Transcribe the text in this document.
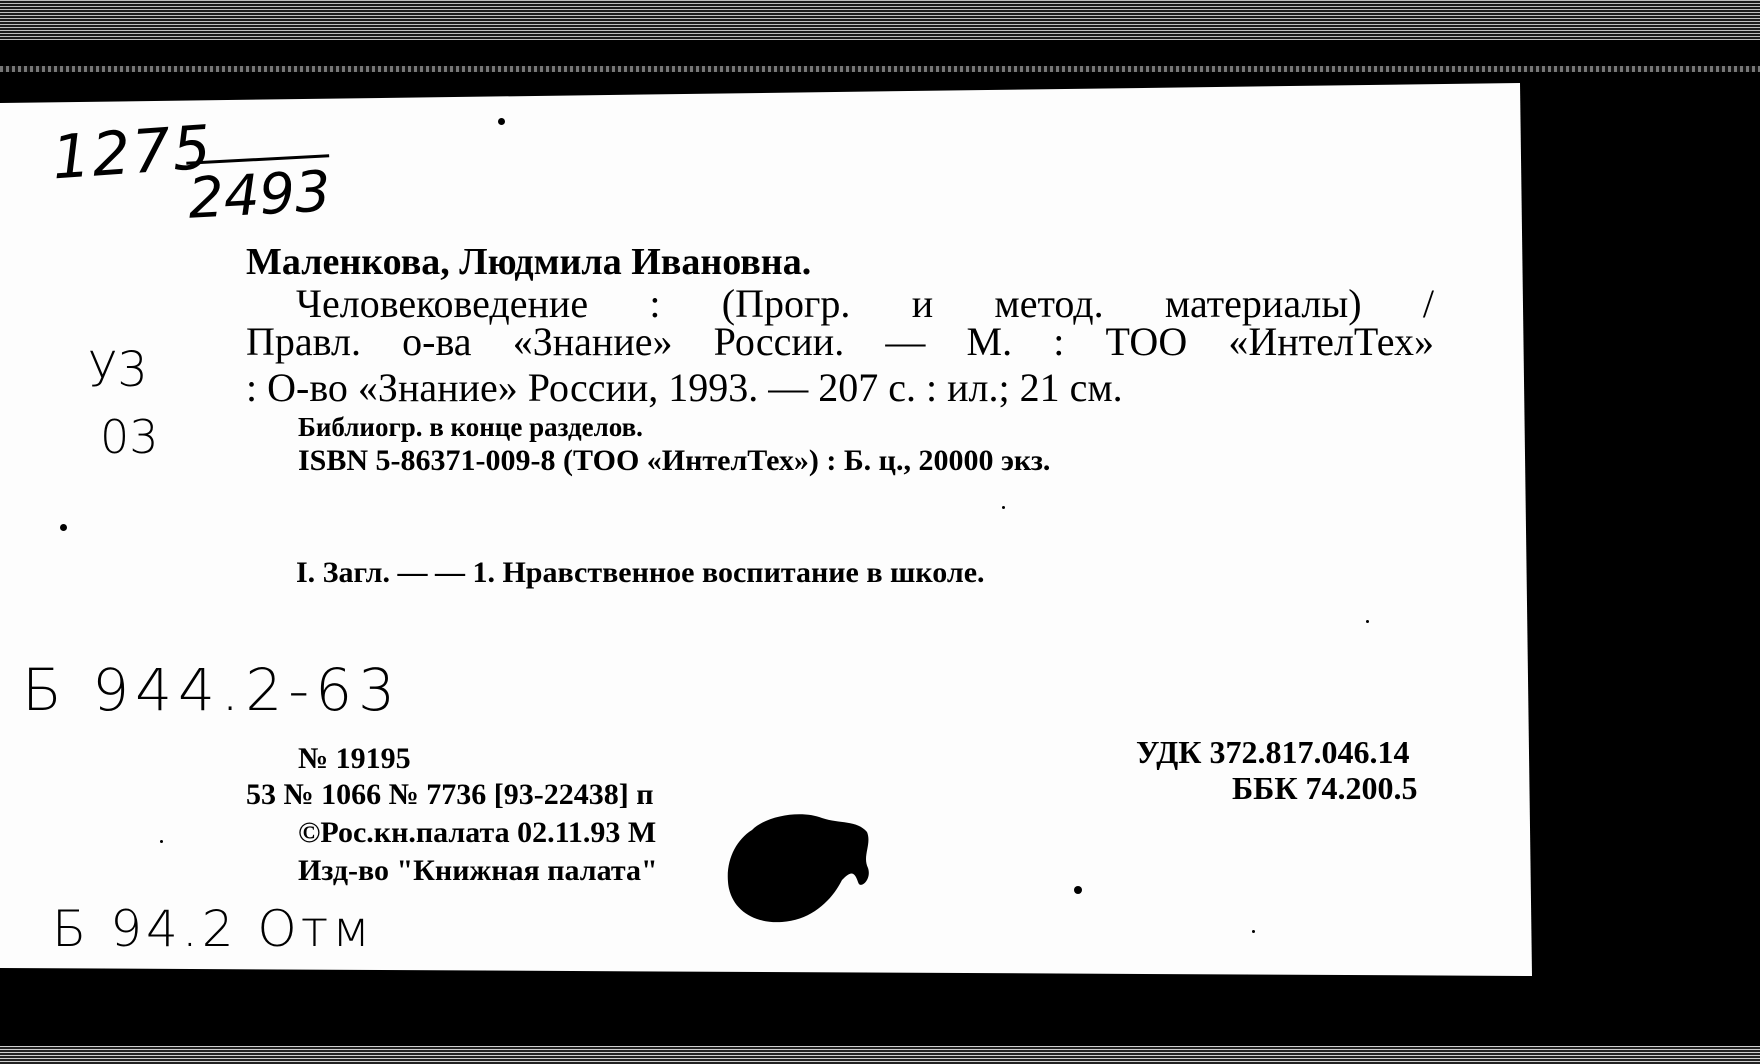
1275
2493
У3
03
Б 944.2-63
Б 94.2 Отм
Маленкова, Людмила Ивановна.
Человековедение : (Прогр. и метод. материалы) /
Правл. о-ва «Знание» России. — М. : ТОО «ИнтелТех»
: О-во «Знание» России, 1993. — 207 с. : ил.; 21 см.
Библиогр. в конце разделов.
ISBN 5-86371-009-8 (ТОО «ИнтелТех») : Б. ц., 20000 экз.
I. Загл. — — 1. Нравственное воспитание в школе.
№ 19195
53 № 1066 № 7736 [93-22438] п
©Рос.кн.палата 02.11.93 М
Изд-во "Книжная палата"
УДК 372.817.046.14
ББК 74.200.5
